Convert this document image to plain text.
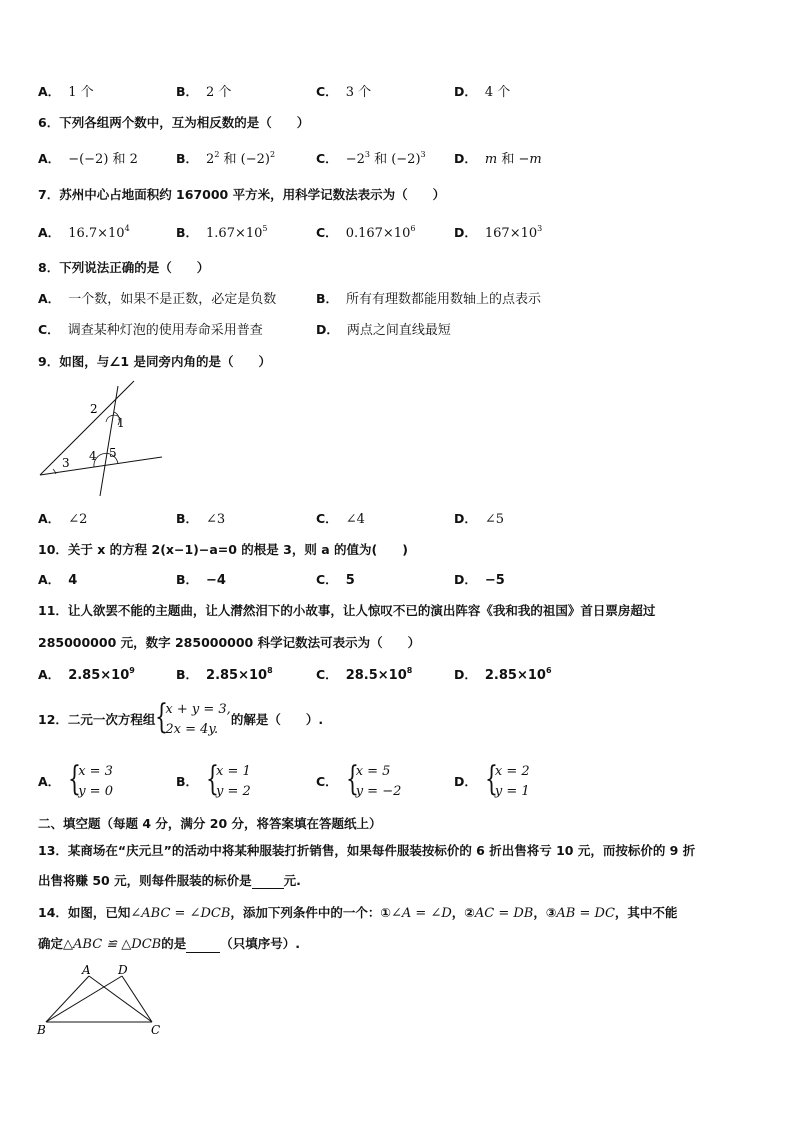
A． 1 个	B． 2 个	C． 3 个	D． 4 个
6．下列各组两个数中，互为相反数的是（　　）
A． −(−2) 和 2	B． $2^2$ 和 $(-2)^2$	C． $-2^3$ 和 $(-2)^3$ D． m 和 −m
7．苏州中心占地面积约 167000 平方米，用科学记数法表示为（　　）
A． $16.7\times 10^4$	B． $1.67\times 10^5$	C． $0.167\times 10^6$	D． $167\times 10^3$
8．下列说法正确的是（　　）
A． 一个数，如果不是正数，必定是负数	B． 所有有理数都能用数轴上的点表示
C． 调查某种灯泡的使用寿命采用普查	D． 两点之间直线最短
9．如图，与∠1 是同旁内角的是（　　）
2
1
3 4 5
A． ∠2	B． ∠3	C． ∠4	D． ∠5
10．关于 x 的方程 2(x−1)−a=0 的根是 3，则 a 的值为(　　)
A． 4	B． −4	C． 5	D． −5
11．让人欲罢不能的主题曲，让人潸然泪下的小故事，让人惊叹不已的演出阵容《我和我的祖国》首日票房超过
285000000 元，数字 285000000 科学记数法可表示为（　　）
A． $2.85\times 10^9$	B． $2.85\times 10^8$	C． $28.5\times 10^8$	D． $2.85\times 10^6$
12．二元一次方程组 {
x + y = 3,
2x = 4y.
的解是（　　）.
A． {
x = 3
y = 0
B． {
x = 1
y = 2
C． {
x = 5
y = −2
D． {
x = 2
y = 1
二、填空题（每题 4 分，满分 20 分，将答案填在答题纸上）
13．某商场在“庆元旦”的活动中将某种服装打折销售，如果每件服装按标价的 6 折出售将亏 10 元，而按标价的 9 折
出售将赚 50 元，则每件服装的标价是	元.
14．如图，已知∠ABC = ∠DCB，添加下列条件中的一个：①∠A = ∠D，②AC = DB，③AB = DC，其中不能
确定△ABC ≌ △DCB的是	（只填序号）.
A D
B	C
